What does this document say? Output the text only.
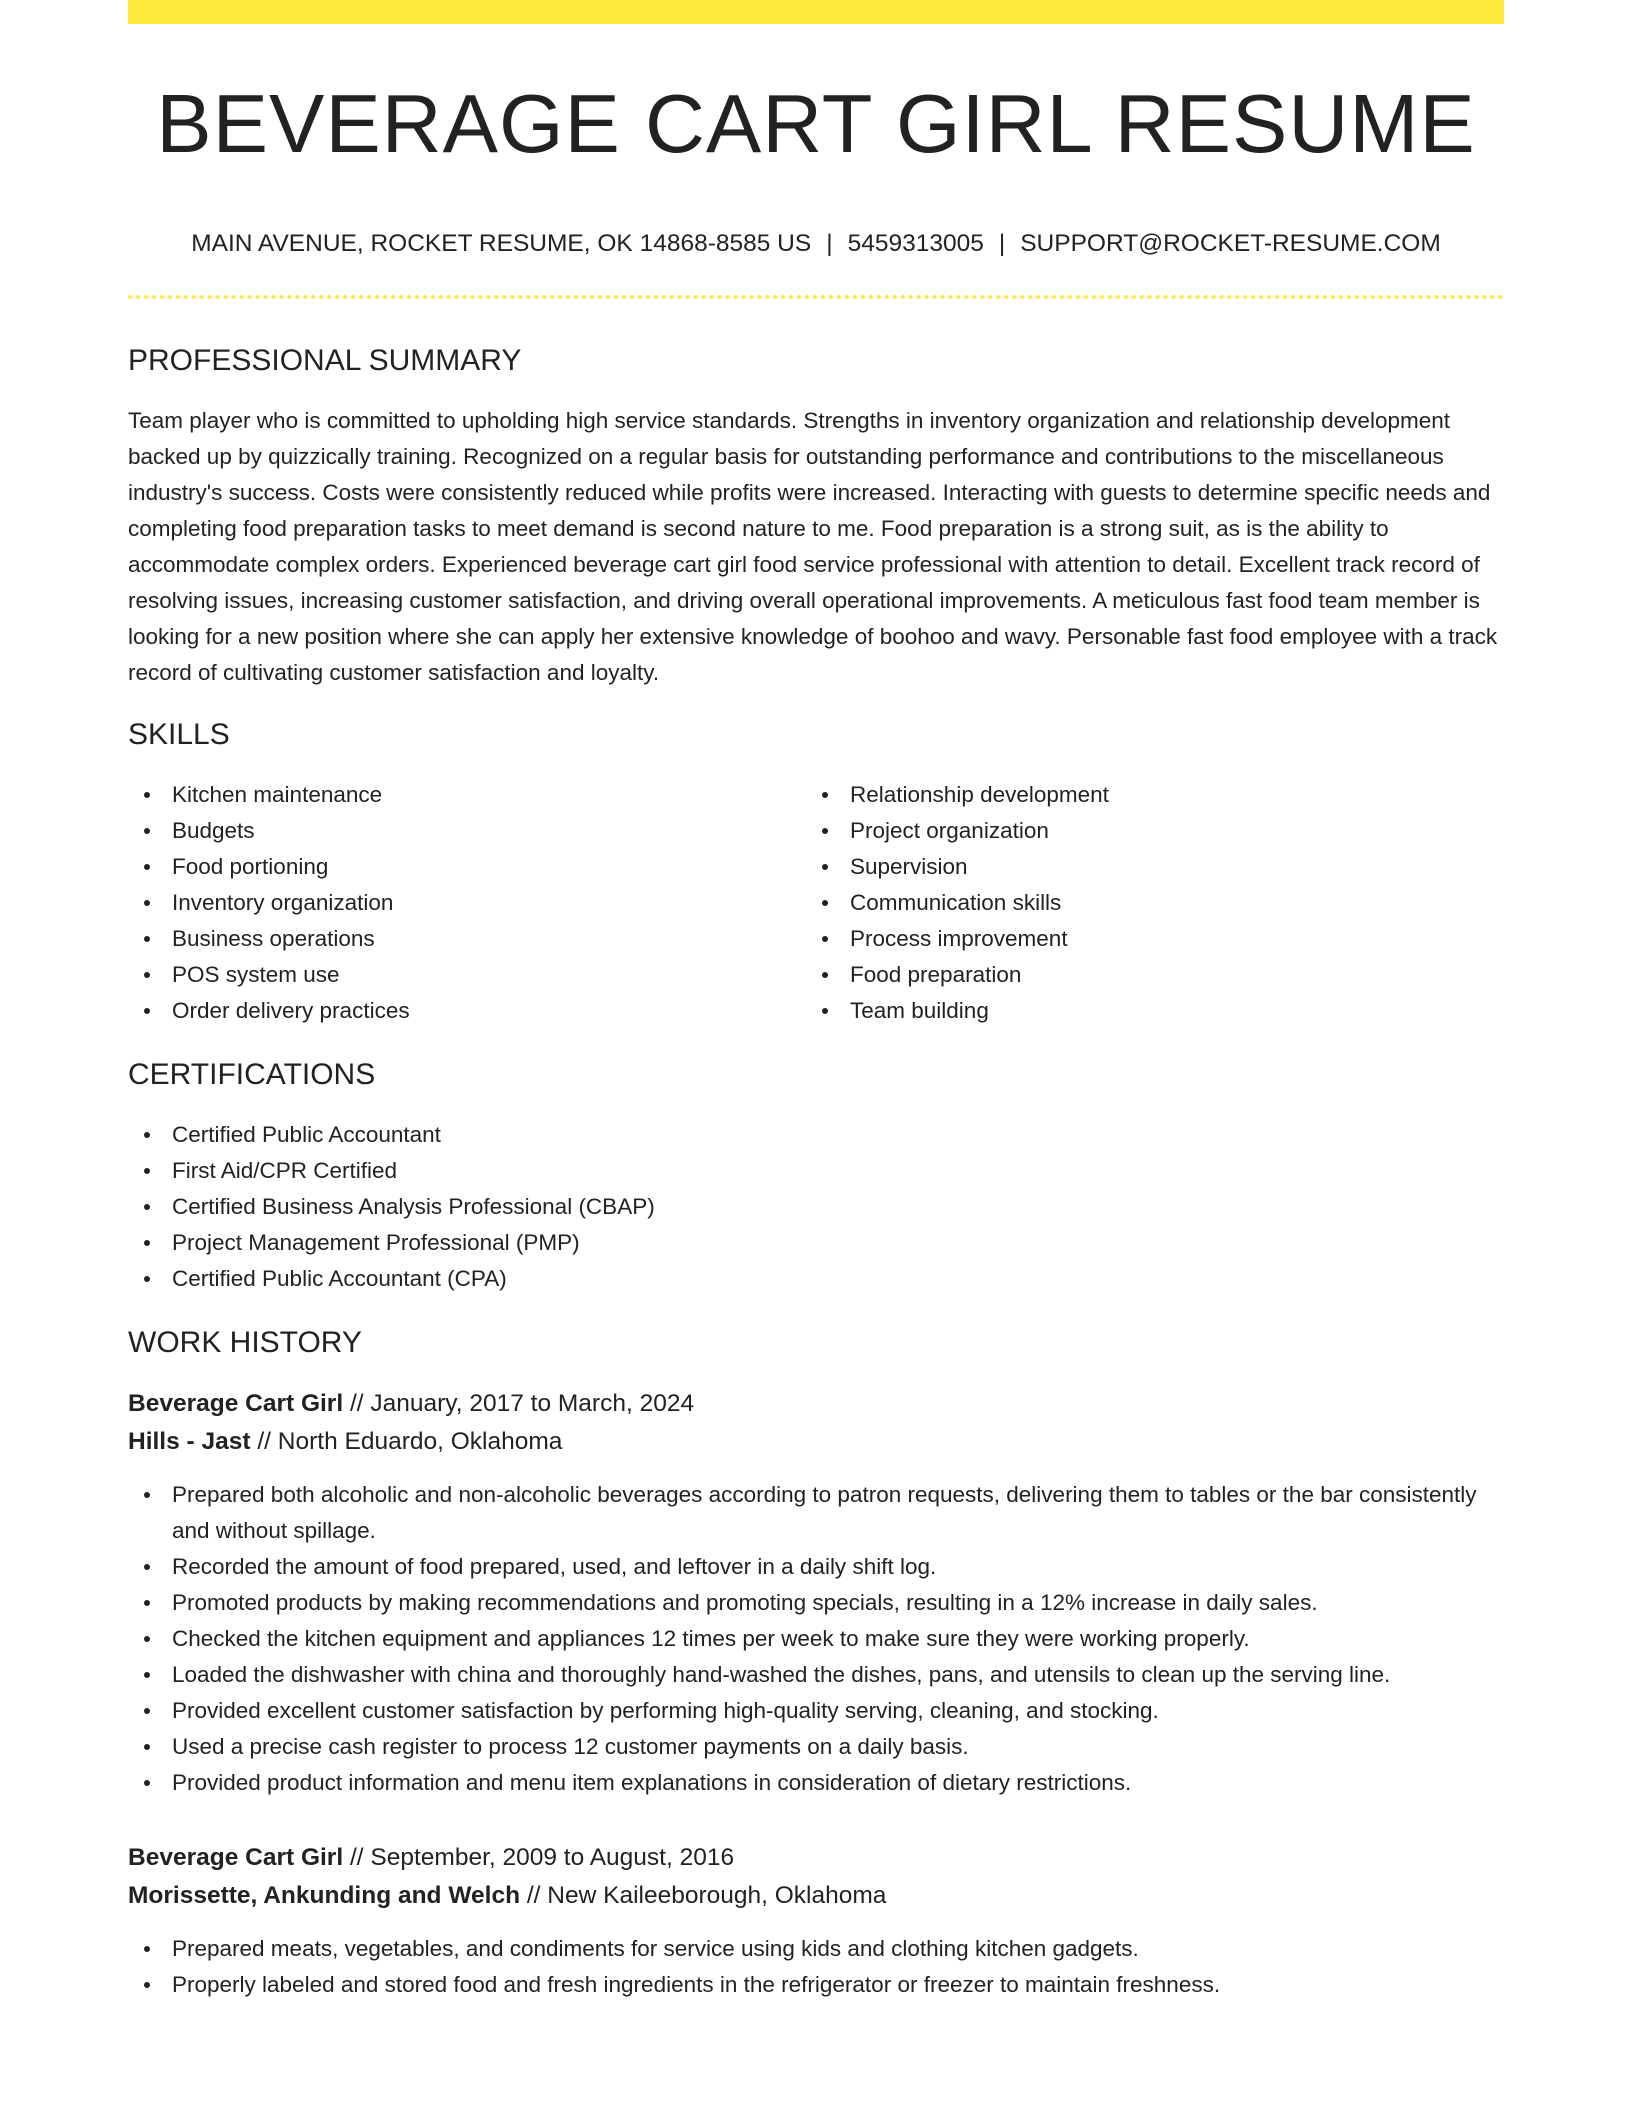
BEVERAGE CART GIRL RESUME
MAIN AVENUE, ROCKET RESUME, OK 14868-8585 US | 5459313005 | SUPPORT@ROCKET-RESUME.COM
PROFESSIONAL SUMMARY

Team player who is committed to upholding high service standards. Strengths in inventory organization and relationship development backed up by quizzically training. Recognized on a regular basis for outstanding performance and contributions to the miscellaneous industry's success. Costs were consistently reduced while profits were increased. Interacting with guests to determine specific needs and completing food preparation tasks to meet demand is second nature to me. Food preparation is a strong suit, as is the ability to accommodate complex orders. Experienced beverage cart girl food service professional with attention to detail. Excellent track record of resolving issues, increasing customer satisfaction, and driving overall operational improvements. A meticulous fast food team member is looking for a new position where she can apply her extensive knowledge of boohoo and wavy. Personable fast food employee with a track record of cultivating customer satisfaction and loyalty.

SKILLS
Kitchen maintenance
Budgets
Food portioning
Inventory organization
Business operations
POS system use
Order delivery practices
Relationship development
Project organization
Supervision
Communication skills
Process improvement
Food preparation
Team building
CERTIFICATIONS
Certified Public Accountant
First Aid/CPR Certified
Certified Business Analysis Professional (CBAP)
Project Management Professional (PMP)
Certified Public Accountant (CPA)
WORK HISTORY
Beverage Cart Girl // January, 2017 to March, 2024
Hills - Jast // North Eduardo, Oklahoma
Prepared both alcoholic and non-alcoholic beverages according to patron requests, delivering them to tables or the bar consistently and without spillage.
Recorded the amount of food prepared, used, and leftover in a daily shift log.
Promoted products by making recommendations and promoting specials, resulting in a 12% increase in daily sales.
Checked the kitchen equipment and appliances 12 times per week to make sure they were working properly.
Loaded the dishwasher with china and thoroughly hand-washed the dishes, pans, and utensils to clean up the serving line.
Provided excellent customer satisfaction by performing high-quality serving, cleaning, and stocking.
Used a precise cash register to process 12 customer payments on a daily basis.
Provided product information and menu item explanations in consideration of dietary restrictions.
Beverage Cart Girl // September, 2009 to August, 2016
Morissette, Ankunding and Welch // New Kaileeborough, Oklahoma
Prepared meats, vegetables, and condiments for service using kids and clothing kitchen gadgets.
Properly labeled and stored food and fresh ingredients in the refrigerator or freezer to maintain freshness.
